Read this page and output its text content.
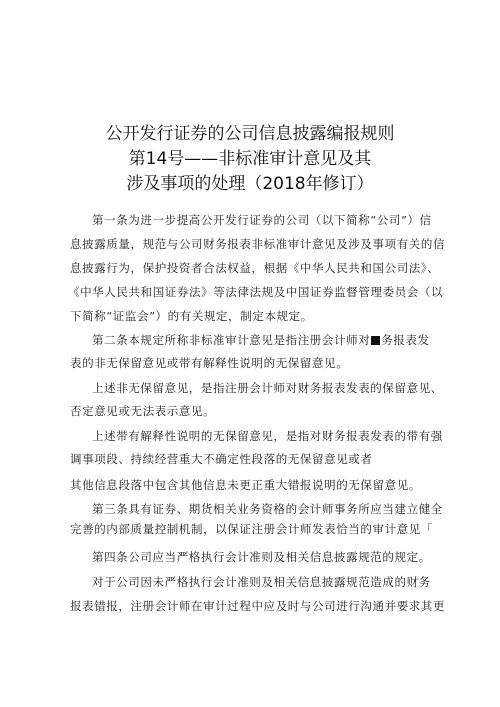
公开发行证券的公司信息披露编报规则
第14号——非标准审计意见及其
涉及事项的处理（2018年修订）
第一条为进一步提高公开发行证券的公司（以下简称“公司”）信
息披露质量，规范与公司财务报表非标准审计意见及涉及事项有关的信
息披露行为，保护投资者合法权益，根据《中华人民共和国公司法》、
《中华人民共和国证券法》等法律法规及中国证券监督管理委员会（以
下简称“证监会”）的有关规定，制定本规定。
第二条本规定所称非标准审计意见是指注册会计师对 务报表发
表的非无保留意见或带有解释性说明的无保留意见。
上述非无保留意见，是指注册会计师对财务报表发表的保留意见、
否定意见或无法表示意见。
上述带有解释性说明的无保留意见，是指对财务报表发表的带有强
调事项段、持续经营重大不确定性段落的无保留意见或者
其他信息段落中包含其他信息未更正重大错报说明的无保留意见。
第三条具有证券、期货相关业务资格的会计师事务所应当建立健全
完善的内部质量控制机制，以保证注册会计师发表恰当的审计意见「
第四条公司应当严格执行会计准则及相关信息披露规范的规定。
对于公司因未严格执行会计准则及相关信息披露规范造成的财务
报表错报，注册会计师在审计过程中应及时与公司进行沟通并要求其更
